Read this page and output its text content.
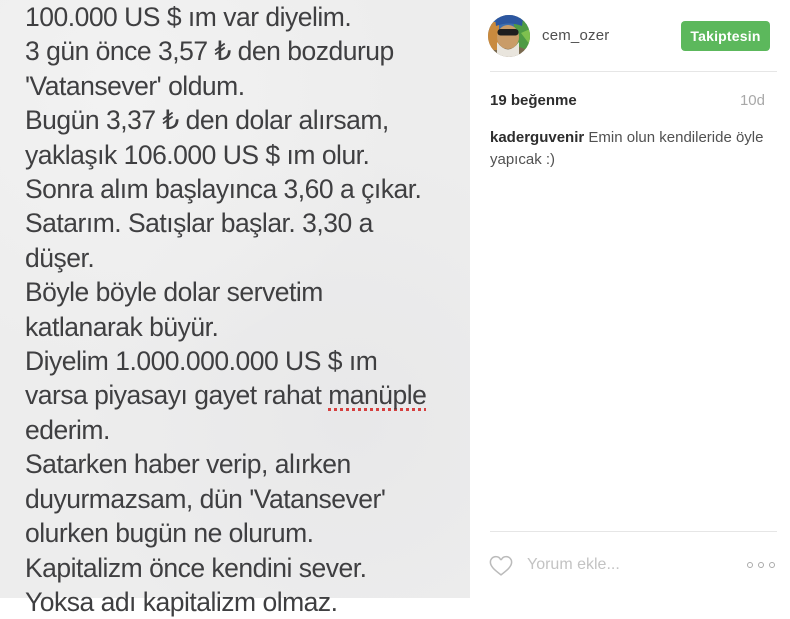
100.000 US $ ım var diyelim.
3 gün önce 3,57 ₺ den bozdurup
'Vatansever' oldum.
Bugün 3,37 ₺ den dolar alırsam,
yaklaşık 106.000 US $ ım olur.
Sonra alım başlayınca 3,60 a çıkar.
Satarım. Satışlar başlar. 3,30 a
düşer.
Böyle böyle dolar servetim
katlanarak büyür.
Diyelim 1.000.000.000 US $ ım
varsa piyasayı gayet rahat manüple
ederim.
Satarken haber verip, alırken
duyurmazsam, dün 'Vatansever'
olurken bugün ne olurum.
Kapitalizm önce kendini sever.
Yoksa adı kapitalizm olmaz.
cem_ozer	Takiptesin
19 beğenme	10d
kaderguvenir Emin olun kendileride öyle yapıcak :)
Yorum ekle...
